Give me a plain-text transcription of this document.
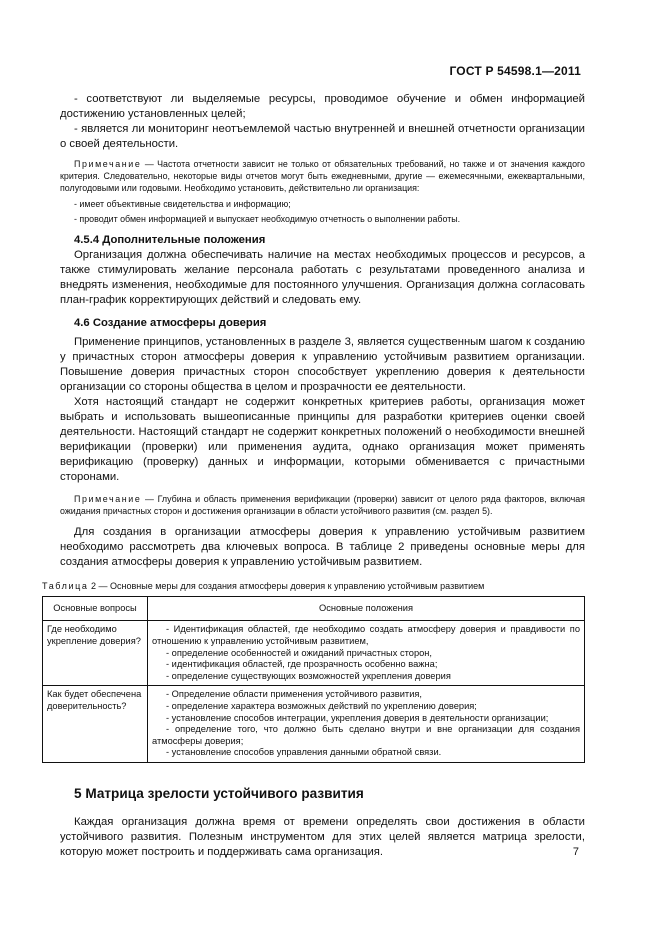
ГОСТ Р 54598.1—2011

- соответствуют ли выделяемые ресурсы, проводимое обучение и обмен информацией достижению установленных целей;

- является ли мониторинг неотъемлемой частью внутренней и внешней отчетности организации о своей деятельности.

Примечание — Частота отчетности зависит не только от обязательных требований, но также и от значения каждого критерия. Следовательно, некоторые виды отчетов могут быть ежедневными, другие — ежемесячными, ежеквартальными, полугодовыми или годовыми. Необходимо установить, действительно ли организация:

- имеет объективные свидетельства и информацию;

- проводит обмен информацией и выпускает необходимую отчетность о выполнении работы.

4.5.4 Дополнительные положения

Организация должна обеспечивать наличие на местах необходимых процессов и ресурсов, а также стимулировать желание персонала работать с результатами проведенного анализа и внедрять изменения, необходимые для постоянного улучшения. Организация должна согласовать план-график корректирующих действий и следовать ему.

4.6 Создание атмосферы доверия

Применение принципов, установленных в разделе 3, является существенным шагом к созданию у причастных сторон атмосферы доверия к управлению устойчивым развитием организации. Повышение доверия причастных сторон способствует укреплению доверия к деятельности организации со стороны общества в целом и прозрачности ее деятельности.

Хотя настоящий стандарт не содержит конкретных критериев работы, организация может выбрать и использовать вышеописанные принципы для разработки критериев оценки своей деятельности. Настоящий стандарт не содержит конкретных положений о необходимости внешней верификации (проверки) или применения аудита, однако организация может применять верификацию (проверку) данных и информации, которыми обменивается с причастными сторонами.

Примечание — Глубина и область применения верификации (проверки) зависит от целого ряда факторов, включая ожидания причастных сторон и достижения организации в области устойчивого развития (см. раздел 5).

Для создания в организации атмосферы доверия к управлению устойчивым развитием необходимо рассмотреть два ключевых вопроса. В таблице 2 приведены основные меры для создания атмосферы доверия к управлению устойчивым развитием.

Таблица 2 — Основные меры для создания атмосферы доверия к управлению устойчивым развитием

Основные вопросы	Основные положения
Где необходимо укрепление доверия?	- Идентификация областей, где необходимо создать атмосферу доверия и правдивости по отношению к управлению устойчивым развитием,
- определение особенностей и ожиданий причастных сторон,
- идентификация областей, где прозрачность особенно важна;
- определение существующих возможностей укрепления доверия

Как будет обеспечена доверительность?	- Определение области применения устойчивого развития,
- определение характера возможных действий по укреплению доверия;
- установление способов интеграции, укрепления доверия в деятельности организации;
- определение того, что должно быть сделано внутри и вне организации для создания атмосферы доверия;
- установление способов управления данными обратной связи.

5 Матрица зрелости устойчивого развития

Каждая организация должна время от времени определять свои достижения в области устойчивого развития. Полезным инструментом для этих целей является матрица зрелости, которую может построить и поддерживать сама организация.	7
